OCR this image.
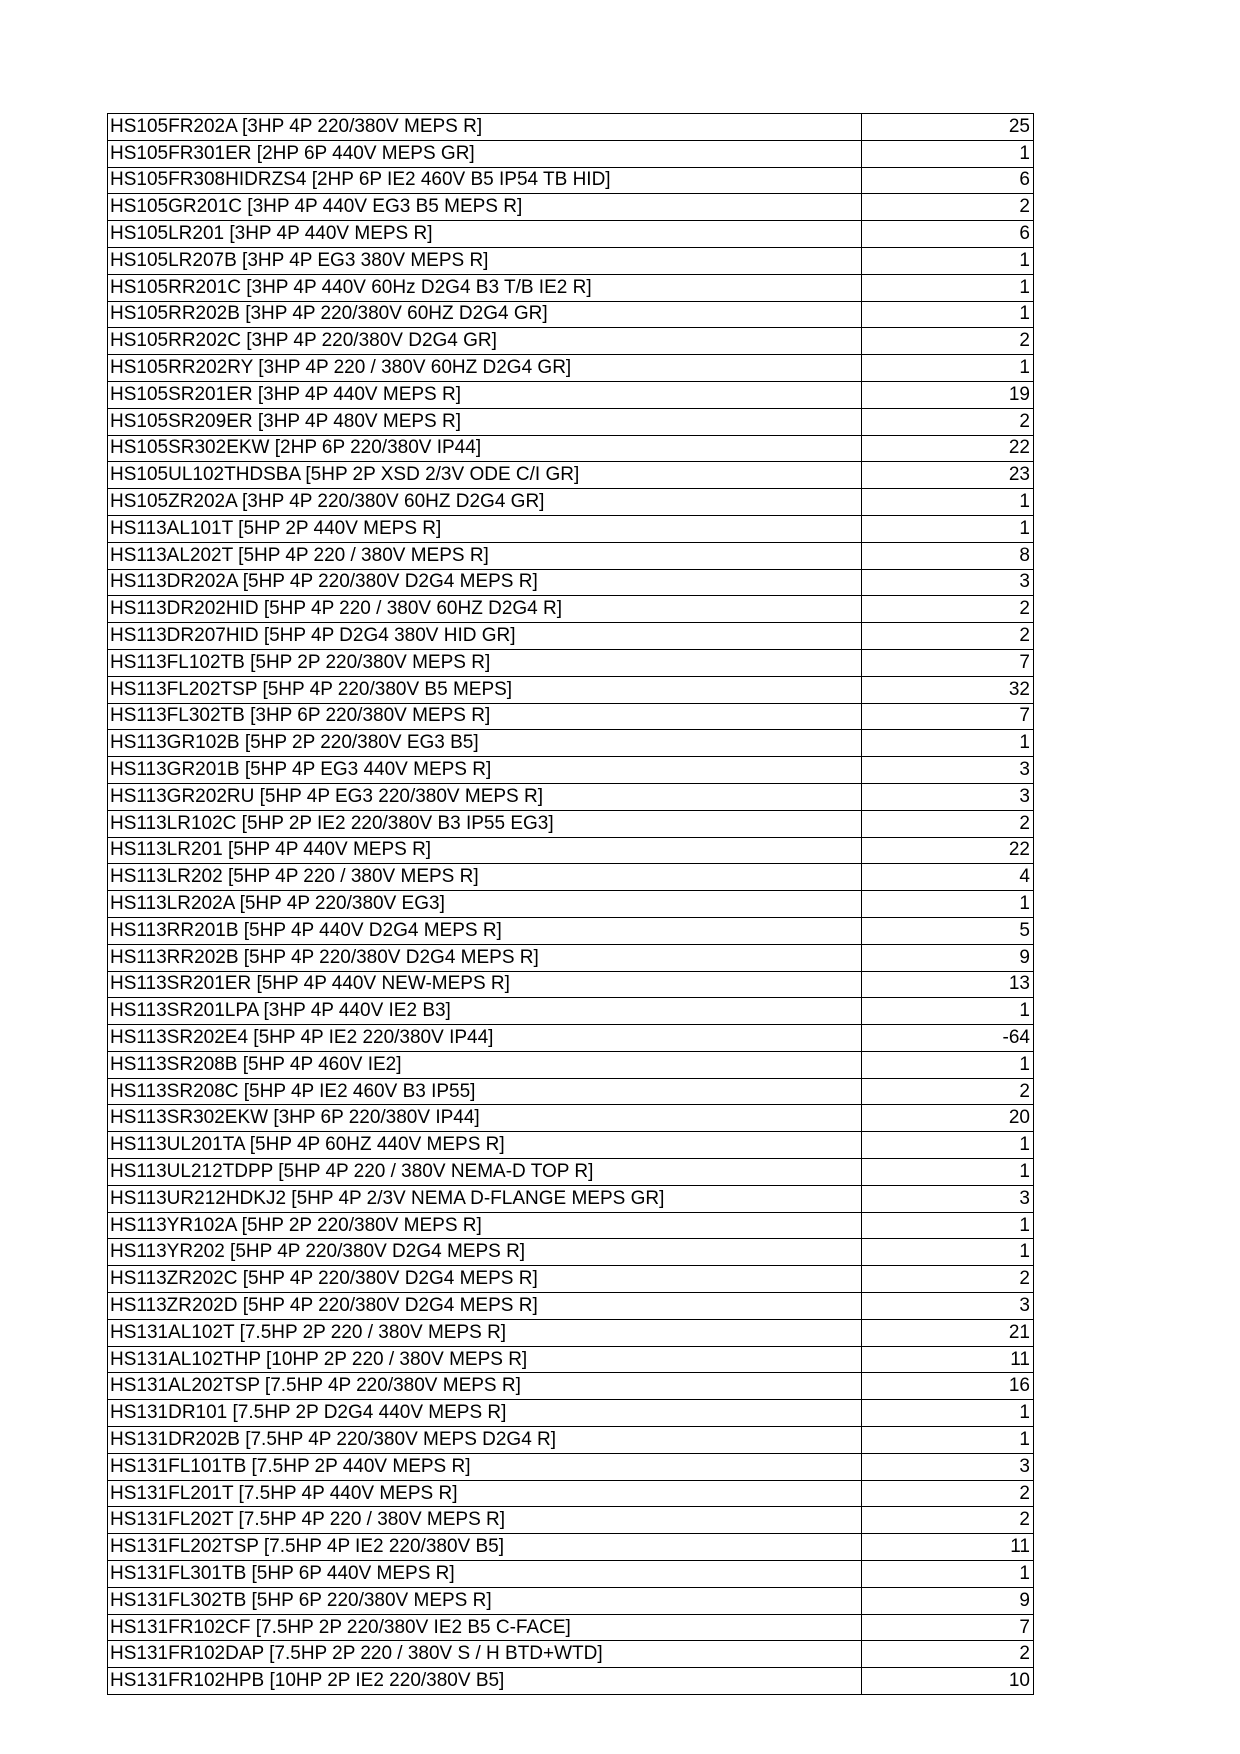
HS105FR202A [3HP 4P 220/380V MEPS R]	25
HS105FR301ER [2HP 6P 440V MEPS GR]	1
HS105FR308HIDRZS4 [2HP 6P IE2 460V B5 IP54 TB HID]	6
HS105GR201C [3HP 4P 440V EG3 B5 MEPS R]	2
HS105LR201 [3HP 4P 440V MEPS R]	6
HS105LR207B [3HP 4P EG3 380V MEPS R]	1
HS105RR201C [3HP 4P 440V 60Hz D2G4 B3 T/B IE2 R]	1
HS105RR202B [3HP 4P 220/380V 60HZ D2G4 GR]	1
HS105RR202C [3HP 4P 220/380V D2G4 GR]	2
HS105RR202RY [3HP 4P 220 / 380V 60HZ D2G4 GR]	1
HS105SR201ER [3HP 4P 440V MEPS R]	19
HS105SR209ER [3HP 4P 480V MEPS R]	2
HS105SR302EKW [2HP 6P 220/380V IP44]	22
HS105UL102THDSBA [5HP 2P XSD 2/3V ODE C/I GR]	23
HS105ZR202A [3HP 4P 220/380V 60HZ D2G4 GR]	1
HS113AL101T [5HP 2P 440V MEPS R]	1
HS113AL202T [5HP 4P 220 / 380V MEPS R]	8
HS113DR202A [5HP 4P 220/380V D2G4 MEPS R]	3
HS113DR202HID [5HP 4P 220 / 380V 60HZ D2G4 R]	2
HS113DR207HID [5HP 4P D2G4 380V HID GR]	2
HS113FL102TB [5HP 2P 220/380V MEPS R]	7
HS113FL202TSP [5HP 4P 220/380V B5 MEPS]	32
HS113FL302TB [3HP 6P 220/380V MEPS R]	7
HS113GR102B [5HP 2P 220/380V EG3 B5]	1
HS113GR201B [5HP 4P EG3 440V MEPS R]	3
HS113GR202RU [5HP 4P EG3 220/380V MEPS R]	3
HS113LR102C [5HP 2P IE2 220/380V B3 IP55 EG3]	2
HS113LR201 [5HP 4P 440V MEPS R]	22
HS113LR202 [5HP 4P 220 / 380V MEPS R]	4
HS113LR202A [5HP 4P 220/380V EG3]	1
HS113RR201B [5HP 4P 440V D2G4 MEPS R]	5
HS113RR202B [5HP 4P 220/380V D2G4 MEPS R]	9
HS113SR201ER [5HP 4P 440V NEW-MEPS R]	13
HS113SR201LPA [3HP 4P 440V IE2 B3]	1
HS113SR202E4 [5HP 4P IE2 220/380V IP44]	-64
HS113SR208B [5HP 4P 460V IE2]	1
HS113SR208C [5HP 4P IE2 460V B3 IP55]	2
HS113SR302EKW [3HP 6P 220/380V IP44]	20
HS113UL201TA [5HP 4P 60HZ 440V MEPS R]	1
HS113UL212TDPP [5HP 4P 220 / 380V NEMA-D TOP R]	1
HS113UR212HDKJ2 [5HP 4P 2/3V NEMA D-FLANGE MEPS GR]	3
HS113YR102A [5HP 2P 220/380V MEPS R]	1
HS113YR202 [5HP 4P 220/380V D2G4 MEPS R]	1
HS113ZR202C [5HP 4P 220/380V D2G4 MEPS R]	2
HS113ZR202D [5HP 4P 220/380V D2G4 MEPS R]	3
HS131AL102T [7.5HP 2P 220 / 380V MEPS R]	21
HS131AL102THP [10HP 2P 220 / 380V MEPS R]	11
HS131AL202TSP [7.5HP 4P 220/380V MEPS R]	16
HS131DR101 [7.5HP 2P D2G4 440V MEPS R]	1
HS131DR202B [7.5HP 4P 220/380V MEPS D2G4 R]	1
HS131FL101TB [7.5HP 2P 440V MEPS R]	3
HS131FL201T [7.5HP 4P 440V MEPS R]	2
HS131FL202T [7.5HP 4P 220 / 380V MEPS R]	2
HS131FL202TSP [7.5HP 4P IE2 220/380V B5]	11
HS131FL301TB [5HP 6P 440V MEPS R]	1
HS131FL302TB [5HP 6P 220/380V MEPS R]	9
HS131FR102CF [7.5HP 2P 220/380V IE2 B5 C-FACE]	7
HS131FR102DAP [7.5HP 2P 220 / 380V S / H BTD+WTD]	2
HS131FR102HPB [10HP 2P IE2 220/380V B5]	10
